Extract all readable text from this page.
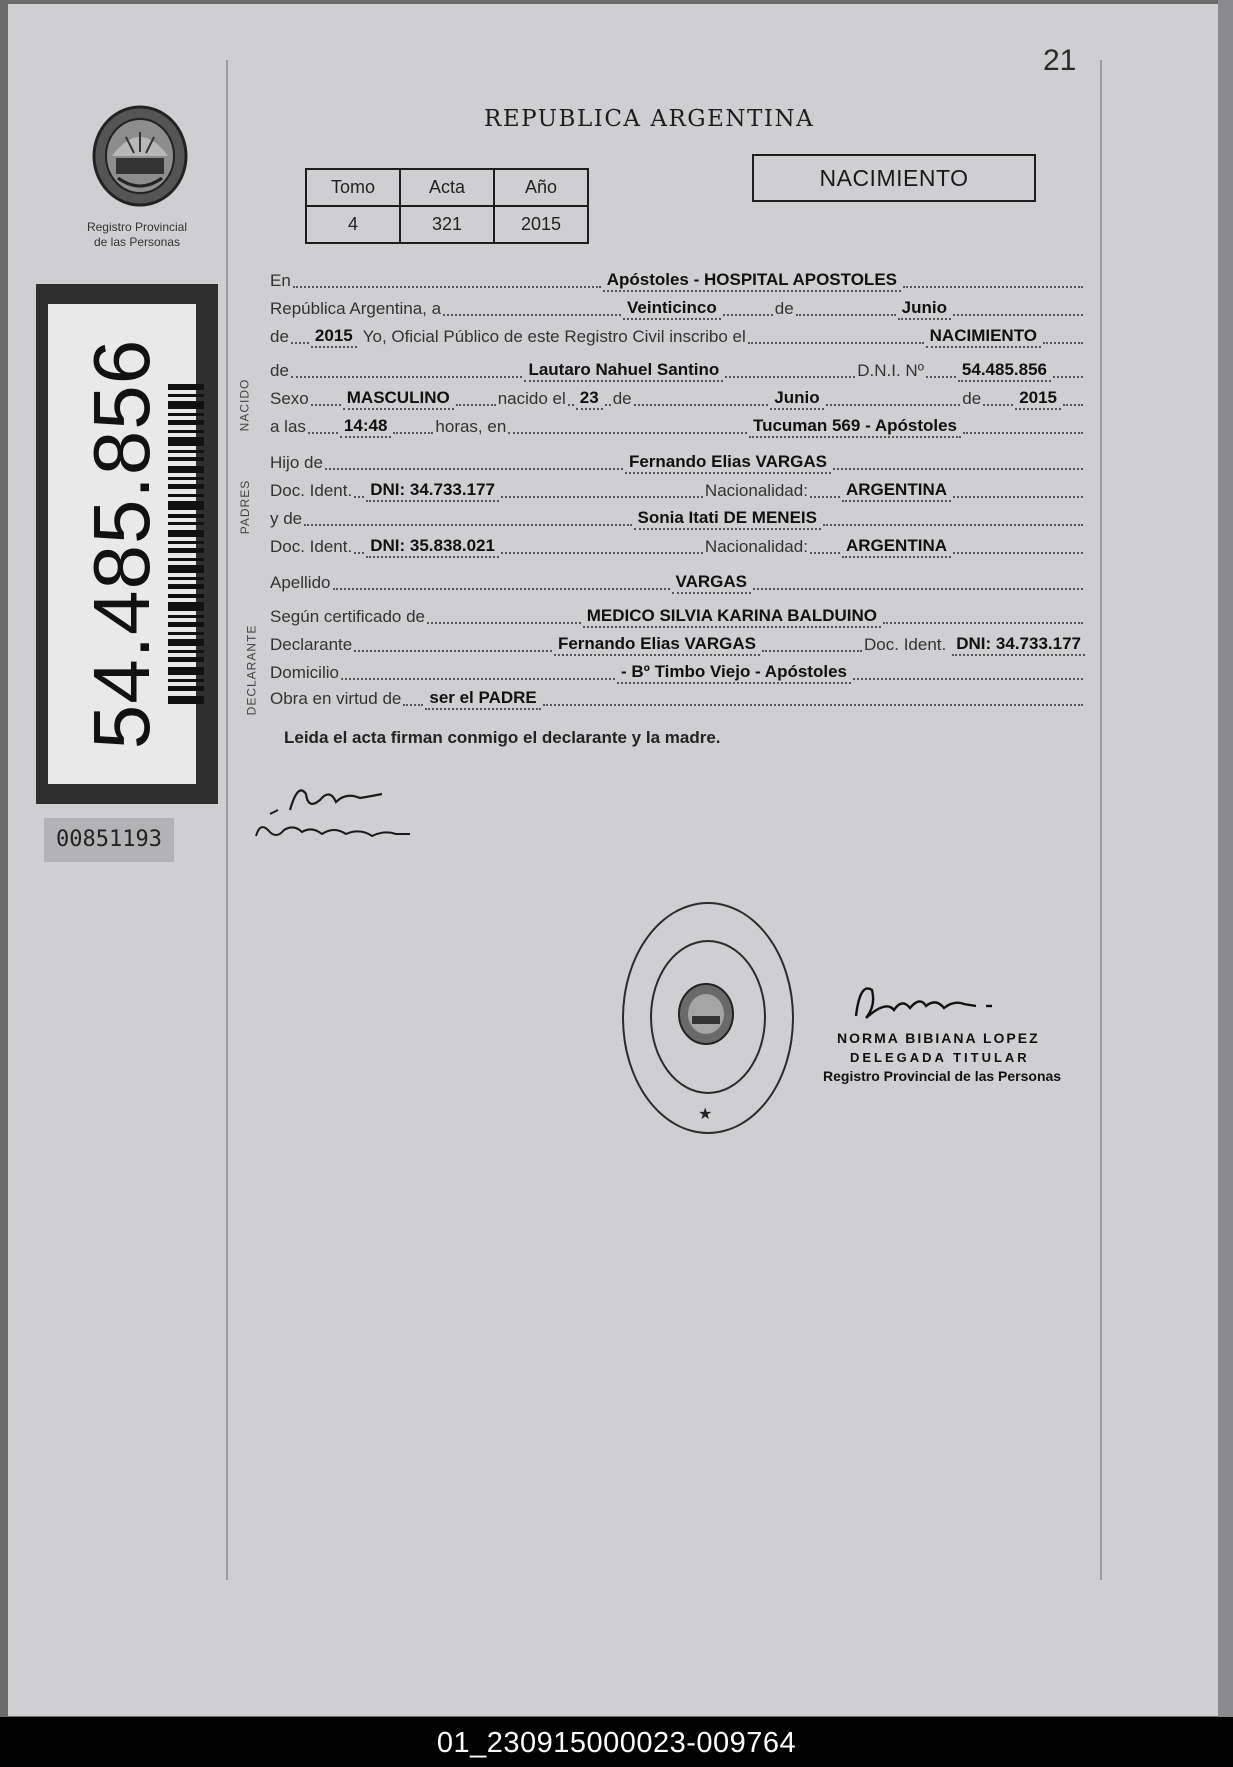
21
REPUBLICA ARGENTINA
Tomo	Acta	Año
4	321	2015
NACIMIENTO
Registro Provincial
de las Personas
54.485.856
00851193
NACIDO
PADRES
DECLARANTE
En	Apóstoles - HOSPITAL APOSTOLES
República Argentina, a	Veinticinco	de	Junio
de 2015 Yo, Oficial Público de este Registro Civil inscribo el	NACIMIENTO
de	Lautaro Nahuel Santino	D.N.I. Nº 54.485.856
Sexo MASCULINO	nacido el 23 de	Junio	de 2015
a las 14:48	horas, en	Tucuman 569 - Apóstoles
Hijo de	Fernando Elias VARGAS
Doc. Ident. DNI: 34.733.177	Nacionalidad: ARGENTINA
y de	Sonia Itati DE MENEIS
Doc. Ident. DNI: 35.838.021	Nacionalidad: ARGENTINA
Apellido	VARGAS
Según certificado de	MEDICO SILVIA KARINA BALDUINO
Declarante	Fernando Elias VARGAS	Doc. Ident. DNI: 34.733.177
Domicilio	- Bº Timbo Viejo - Apóstoles
Obra en virtud de ser el PADRE
Leida el acta firman conmigo el declarante y la madre.
★
NORMA BIBIANA LOPEZ
DELEGADA TITULAR
Registro Provincial de las Personas
01_230915000023-009764
